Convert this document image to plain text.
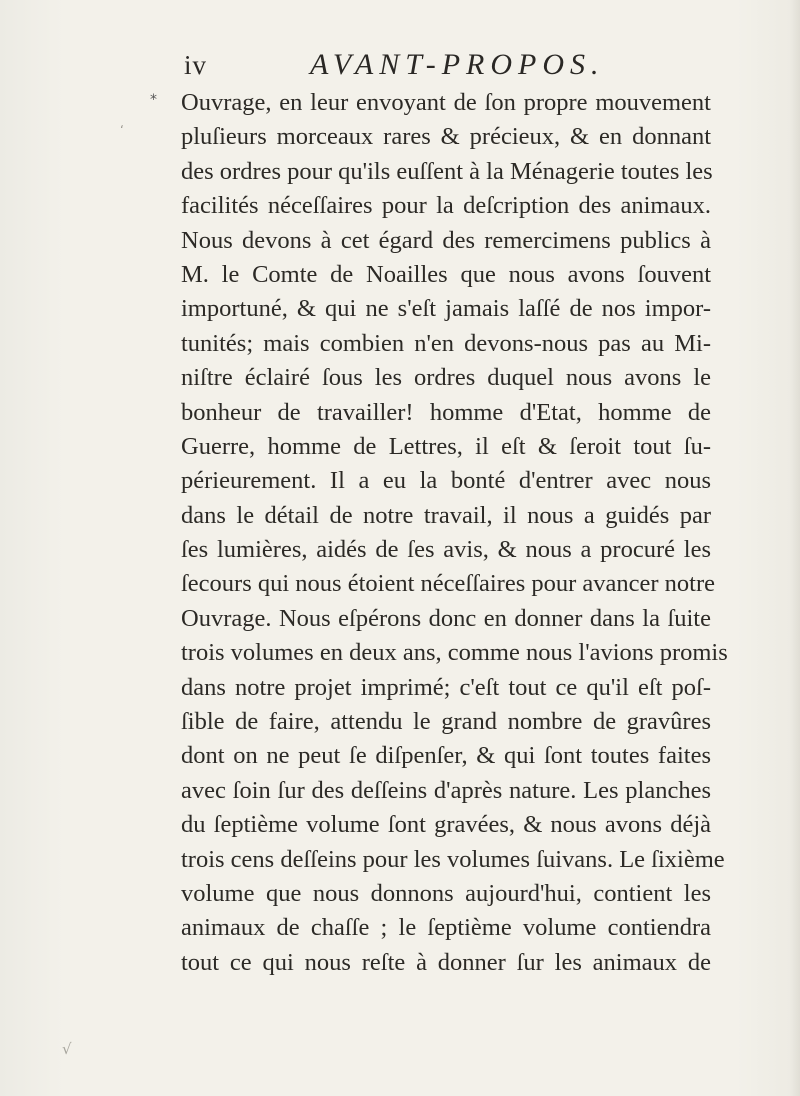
iv	AVANT-PROPOS.
*
ʻ
√
Ouvrage, en leur envoyant de ſon propre mouvement
pluſieurs morceaux rares & précieux, & en donnant
des ordres pour qu'ils euſſent à la Ménagerie toutes les
facilités néceſſaires pour la deſcription des animaux.
Nous devons à cet égard des remercimens publics à
M. le Comte de Noailles que nous avons ſouvent
importuné, & qui ne s'eſt jamais laſſé de nos impor-
tunités; mais combien n'en devons-nous pas au Mi-
niſtre éclairé ſous les ordres duquel nous avons le
bonheur de travailler! homme d'Etat, homme de
Guerre, homme de Lettres, il eſt & ſeroit tout ſu-
périeurement. Il a eu la bonté d'entrer avec nous
dans le détail de notre travail, il nous a guidés par
ſes lumières, aidés de ſes avis, & nous a procuré les
ſecours qui nous étoient néceſſaires pour avancer notre
Ouvrage. Nous eſpérons donc en donner dans la ſuite
trois volumes en deux ans, comme nous l'avions promis
dans notre projet imprimé; c'eſt tout ce qu'il eſt poſ-
ſible de faire, attendu le grand nombre de gravûres
dont on ne peut ſe diſpenſer, & qui ſont toutes faites
avec ſoin ſur des deſſeins d'après nature. Les planches
du ſeptième volume ſont gravées, & nous avons déjà
trois cens deſſeins pour les volumes ſuivans. Le ſixième
volume que nous donnons aujourd'hui, contient les
animaux de chaſſe ; le ſeptième volume contiendra
tout ce qui nous reſte à donner ſur les animaux de
